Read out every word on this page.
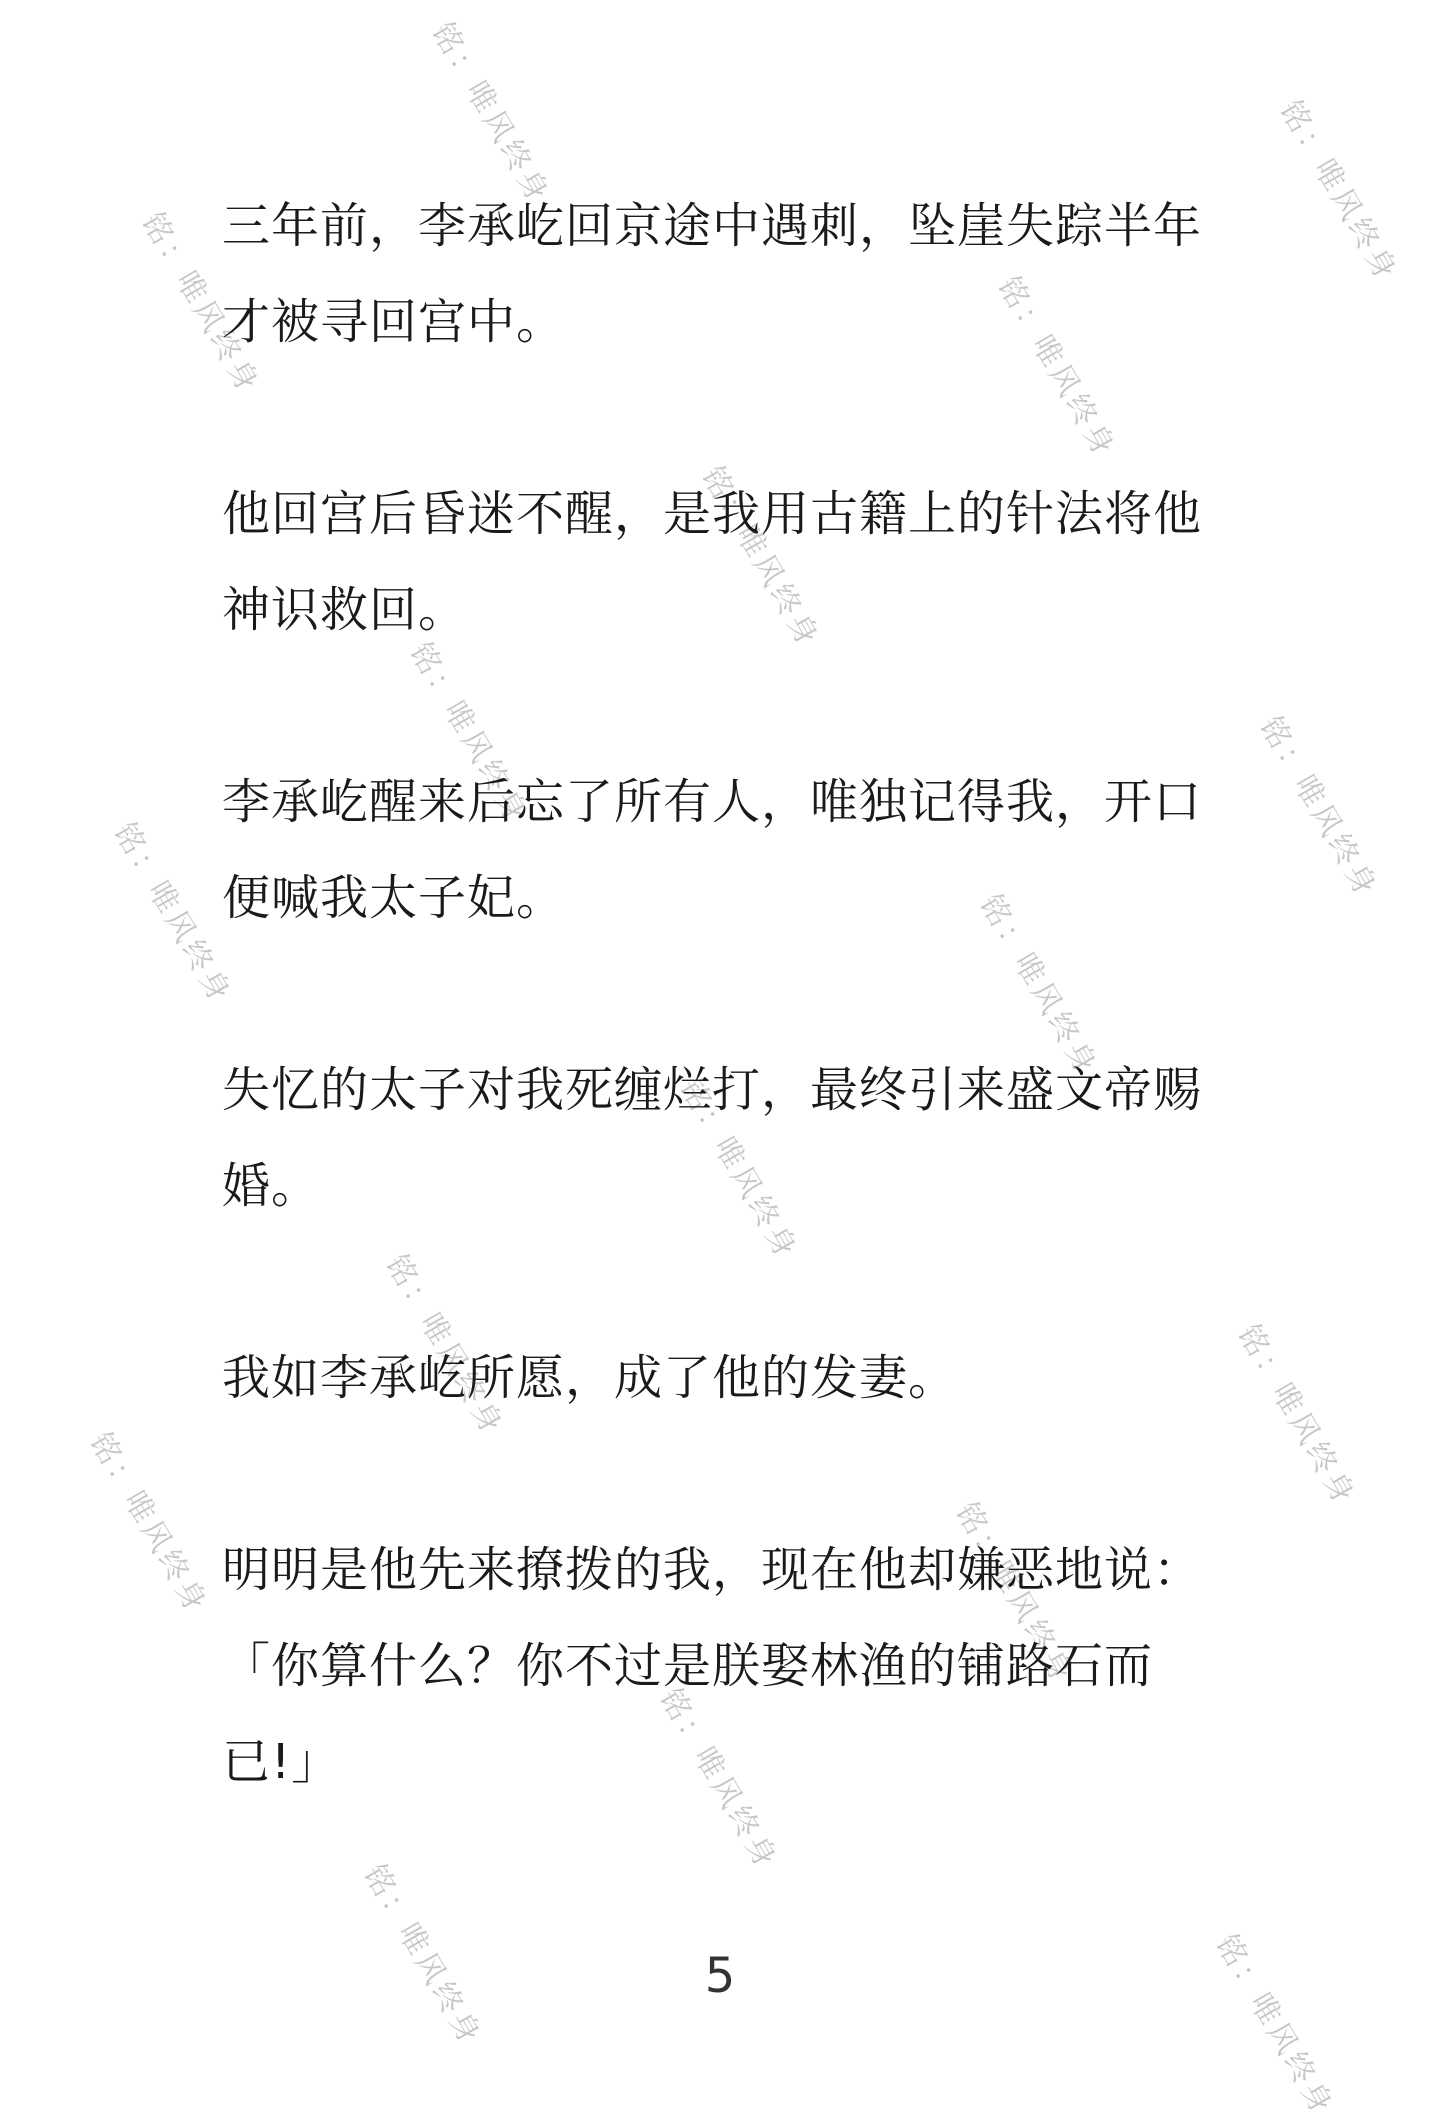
铭：唯风终身	铭：唯风终身
铭：唯风终身	铭：唯风终身
铭：唯风终身
铭：唯风终身	铭：唯风终身
铭：唯风终身	铭：唯风终身
铭：唯风终身
铭：唯风终身	铭：唯风终身
铭：唯风终身	铭：唯风终身
铭：唯风终身
铭：唯风终身	铭：唯风终身

三年前，李承屹回京途中遇刺，坠崖失踪半年才被寻回宫中。

他回宫后昏迷不醒，是我用古籍上的针法将他神识救回。

李承屹醒来后忘了所有人，唯独记得我，开口便喊我太子妃。

失忆的太子对我死缠烂打，最终引来盛文帝赐婚。

我如李承屹所愿，成了他的发妻。

明明是他先来撩拨的我，现在他却嫌恶地说：「你算什么？你不过是朕娶林渔的铺路石而已!」

5
